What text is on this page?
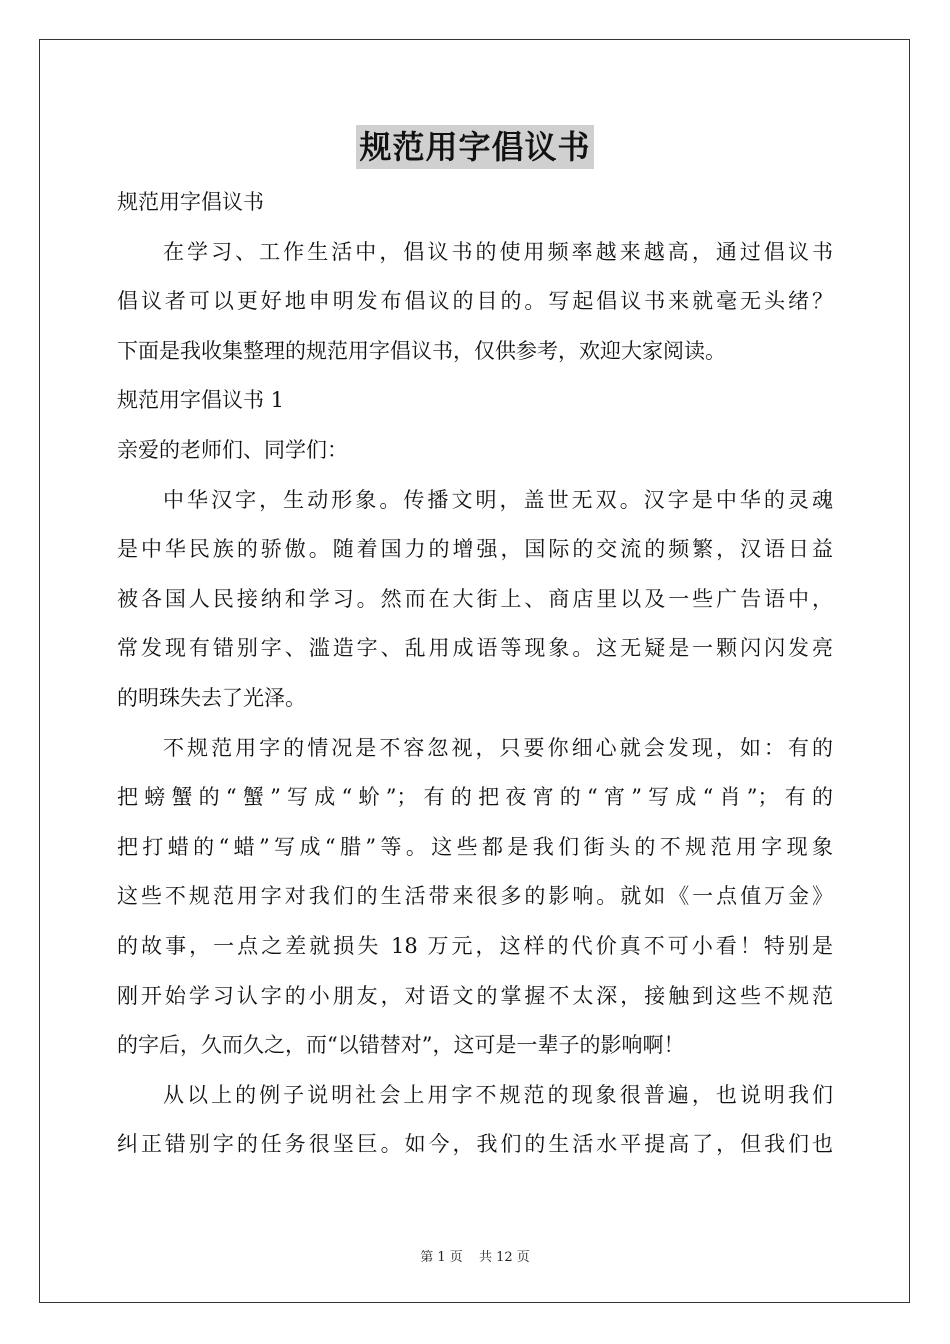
规范用字倡议书
规范用字倡议书
在学习、工作生活中，倡议书的使用频率越来越高，通过倡议书
倡议者可以更好地申明发布倡议的目的。写起倡议书来就毫无头绪？
下面是我收集整理的规范用字倡议书，仅供参考，欢迎大家阅读。
规范用字倡议书 1
亲爱的老师们、同学们：
中华汉字，生动形象。传播文明，盖世无双。汉字是中华的灵魂
是中华民族的骄傲。随着国力的增强，国际的交流的频繁，汉语日益
被各国人民接纳和学习。然而在大街上、商店里以及一些广告语中，
常发现有错别字、滥造字、乱用成语等现象。这无疑是一颗闪闪发亮
的明珠失去了光泽。
不规范用字的情况是不容忽视，只要你细心就会发现，如：有的
把螃蟹的“蟹”写成“蚧”；有的把夜宵的“宵”写成“肖”；有的
把打蜡的“蜡”写成“腊”等。这些都是我们街头的不规范用字现象
这些不规范用字对我们的生活带来很多的影响。就如《一点值万金》
的故事，一点之差就损失 18 万元，这样的代价真不可小看！特别是
刚开始学习认字的小朋友，对语文的掌握不太深，接触到这些不规范
的字后，久而久之，而“以错替对”，这可是一辈子的影响啊！
从以上的例子说明社会上用字不规范的现象很普遍，也说明我们
纠正错别字的任务很坚巨。如今，我们的生活水平提高了，但我们也
第 1 页 共 12 页
